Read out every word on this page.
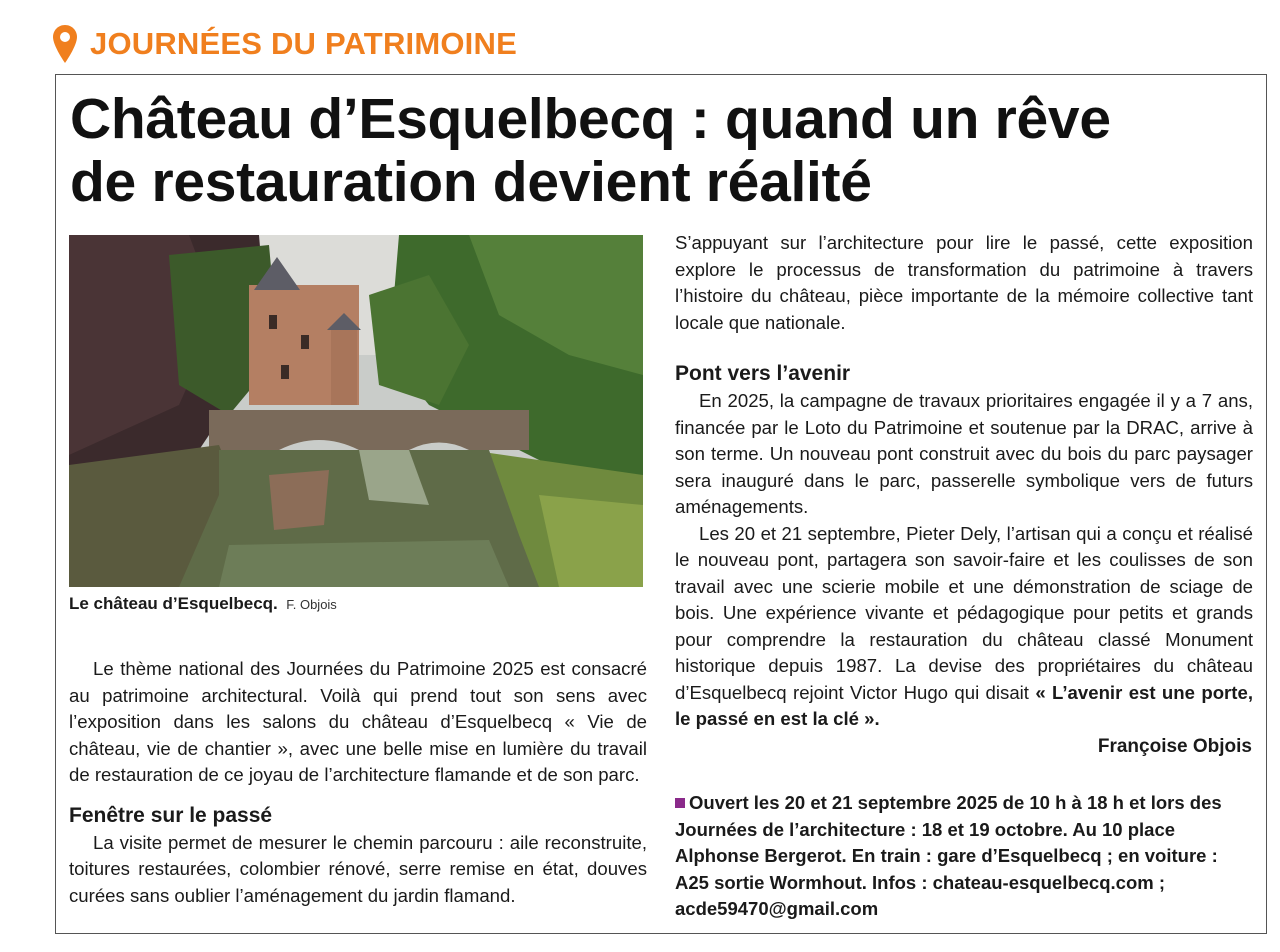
JOURNÉES DU PATRIMOINE
Château d’Esquelbecq : quand un rêve
de restauration devient réalité
Le château d’Esquelbecq. F. Objois

Le thème national des Journées du Patrimoine 2025 est consacré au patrimoine architectural. Voilà qui prend tout son sens avec l’exposition dans les salons du château d’Esquelbecq « Vie de château, vie de chantier », avec une belle mise en lumière du travail de restauration de ce joyau de l’architecture flamande et de son parc.

Fenêtre sur le passé

La visite permet de mesurer le chemin parcouru : aile reconstruite, toitures restaurées, colombier rénové, serre remise en état, douves curées sans oublier l’aménagement du jardin flamand.

S’appuyant sur l’architecture pour lire le passé, cette exposition explore le processus de transformation du patrimoine à travers l’histoire du château, pièce importante de la mémoire collective tant locale que nationale.

Pont vers l’avenir

En 2025, la campagne de travaux prioritaires engagée il y a 7 ans, financée par le Loto du Patrimoine et soutenue par la DRAC, arrive à son terme. Un nouveau pont construit avec du bois du parc paysager sera inauguré dans le parc, passerelle symbolique vers de futurs aménagements.

Les 20 et 21 septembre, Pieter Dely, l’artisan qui a conçu et réalisé le nouveau pont, partagera son savoir-faire et les coulisses de son travail avec une scierie mobile et une démonstration de sciage de bois. Une expérience vivante et pédagogique pour petits et grands pour comprendre la restauration du château classé Monument historique depuis 1987. La devise des propriétaires du château d’Esquelbecq rejoint Victor Hugo qui disait « L’avenir est une porte, le passé en est la clé ».

Françoise Objois
Ouvert les 20 et 21 septembre 2025 de 10 h à 18 h et lors des Journées de l’architecture : 18 et 19 octobre. Au 10 place Alphonse Bergerot. En train : gare d’Esquelbecq ; en voiture : A25 sortie Wormhout. Infos : chateau-esquelbecq.com ; acde59470@gmail.com
